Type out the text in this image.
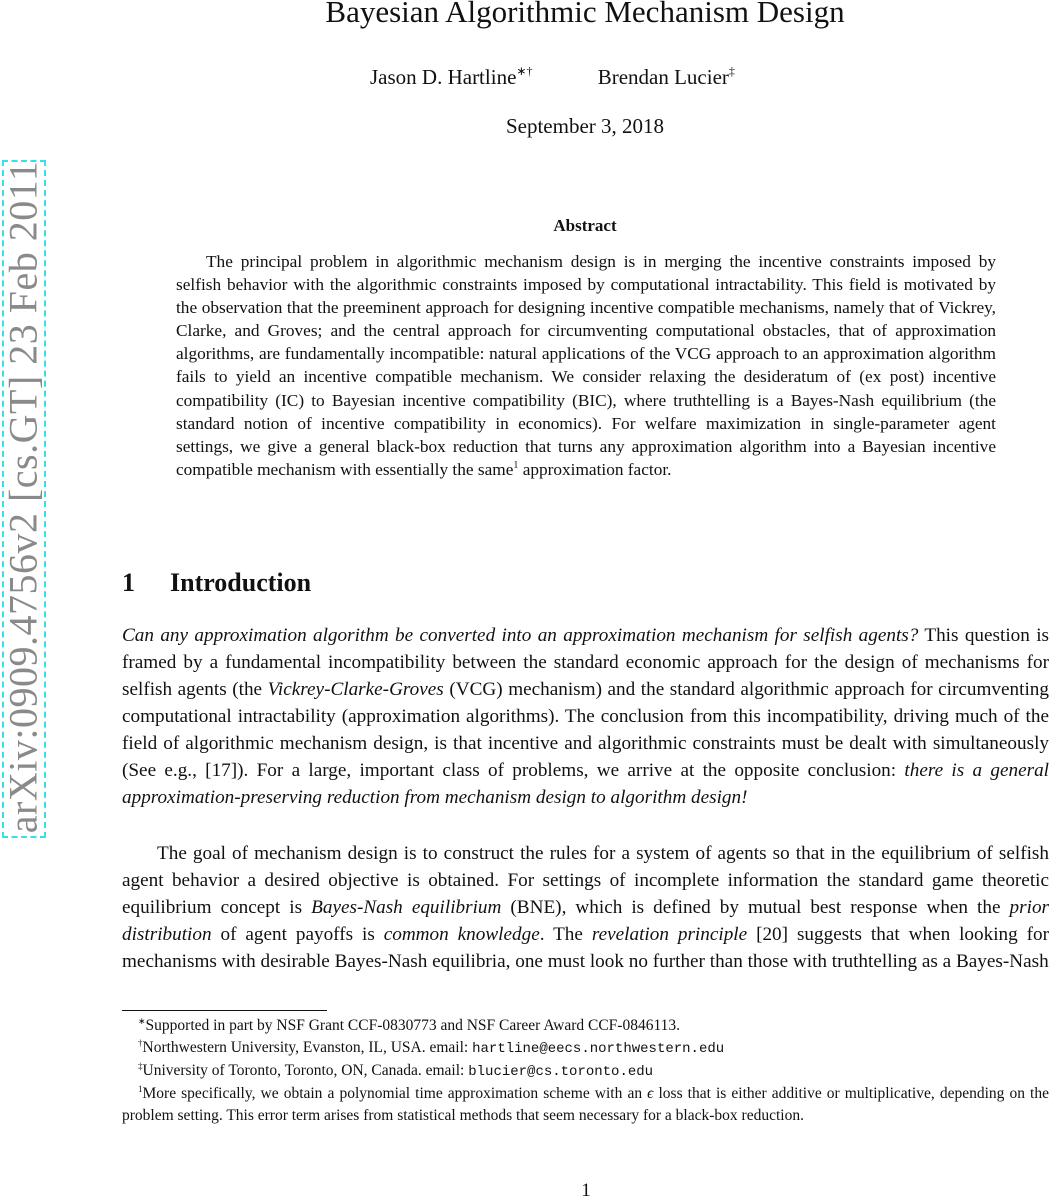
arXiv:0909.4756v2 [cs.GT] 23 Feb 2011
Bayesian Algorithmic Mechanism Design
Jason D. Hartline∗†	Brendan Lucier‡
September 3, 2018
Abstract

The principal problem in algorithmic mechanism design is in merging the incentive constraints imposed by selfish behavior with the algorithmic constraints imposed by computational intractability. This field is motivated by the observation that the preeminent approach for designing incentive compatible mechanisms, namely that of Vickrey, Clarke, and Groves; and the central approach for circumventing computational obstacles, that of approximation algorithms, are fundamentally incompatible: natural applications of the VCG approach to an approximation algorithm fails to yield an incentive compatible mechanism. We consider relaxing the desideratum of (ex post) incentive compatibility (IC) to Bayesian incentive compatibility (BIC), where truthtelling is a Bayes-Nash equilibrium (the standard notion of incentive compatibility in economics). For welfare maximization in single-parameter agent settings, we give a general black-box reduction that turns any approximation algorithm into a Bayesian incentive compatible mechanism with essentially the same$^1$ approximation factor.

1 Introduction

Can any approximation algorithm be converted into an approximation mechanism for selfish agents? This question is framed by a fundamental incompatibility between the standard economic approach for the design of mechanisms for selfish agents (the Vickrey-Clarke-Groves (VCG) mechanism) and the standard algorithmic approach for circumventing computational intractability (approximation algorithms). The conclusion from this incompatibility, driving much of the field of algorithmic mechanism design, is that incentive and algorithmic constraints must be dealt with simultaneously (See e.g., [17]). For a large, important class of problems, we arrive at the opposite conclusion: there is a general approximation-preserving reduction from mechanism design to algorithm design!

The goal of mechanism design is to construct the rules for a system of agents so that in the equilibrium of selfish agent behavior a desired objective is obtained. For settings of incomplete information the standard game theoretic equilibrium concept is Bayes-Nash equilibrium (BNE), which is defined by mutual best response when the prior distribution of agent payoffs is common knowledge. The revelation principle [20] suggests that when looking for mechanisms with desirable Bayes-Nash equilibria, one must look no further than those with truthtelling as a Bayes-Nash

∗Supported in part by NSF Grant CCF-0830773 and NSF Career Award CCF-0846113.

†Northwestern University, Evanston, IL, USA. email: hartline@eecs.northwestern.edu

‡University of Toronto, Toronto, ON, Canada. email: blucier@cs.toronto.edu

$^1$More specifically, we obtain a polynomial time approximation scheme with an ϵ loss that is either additive or multiplicative, depending on the problem setting. This error term arises from statistical methods that seem necessary for a black-box reduction.

1
